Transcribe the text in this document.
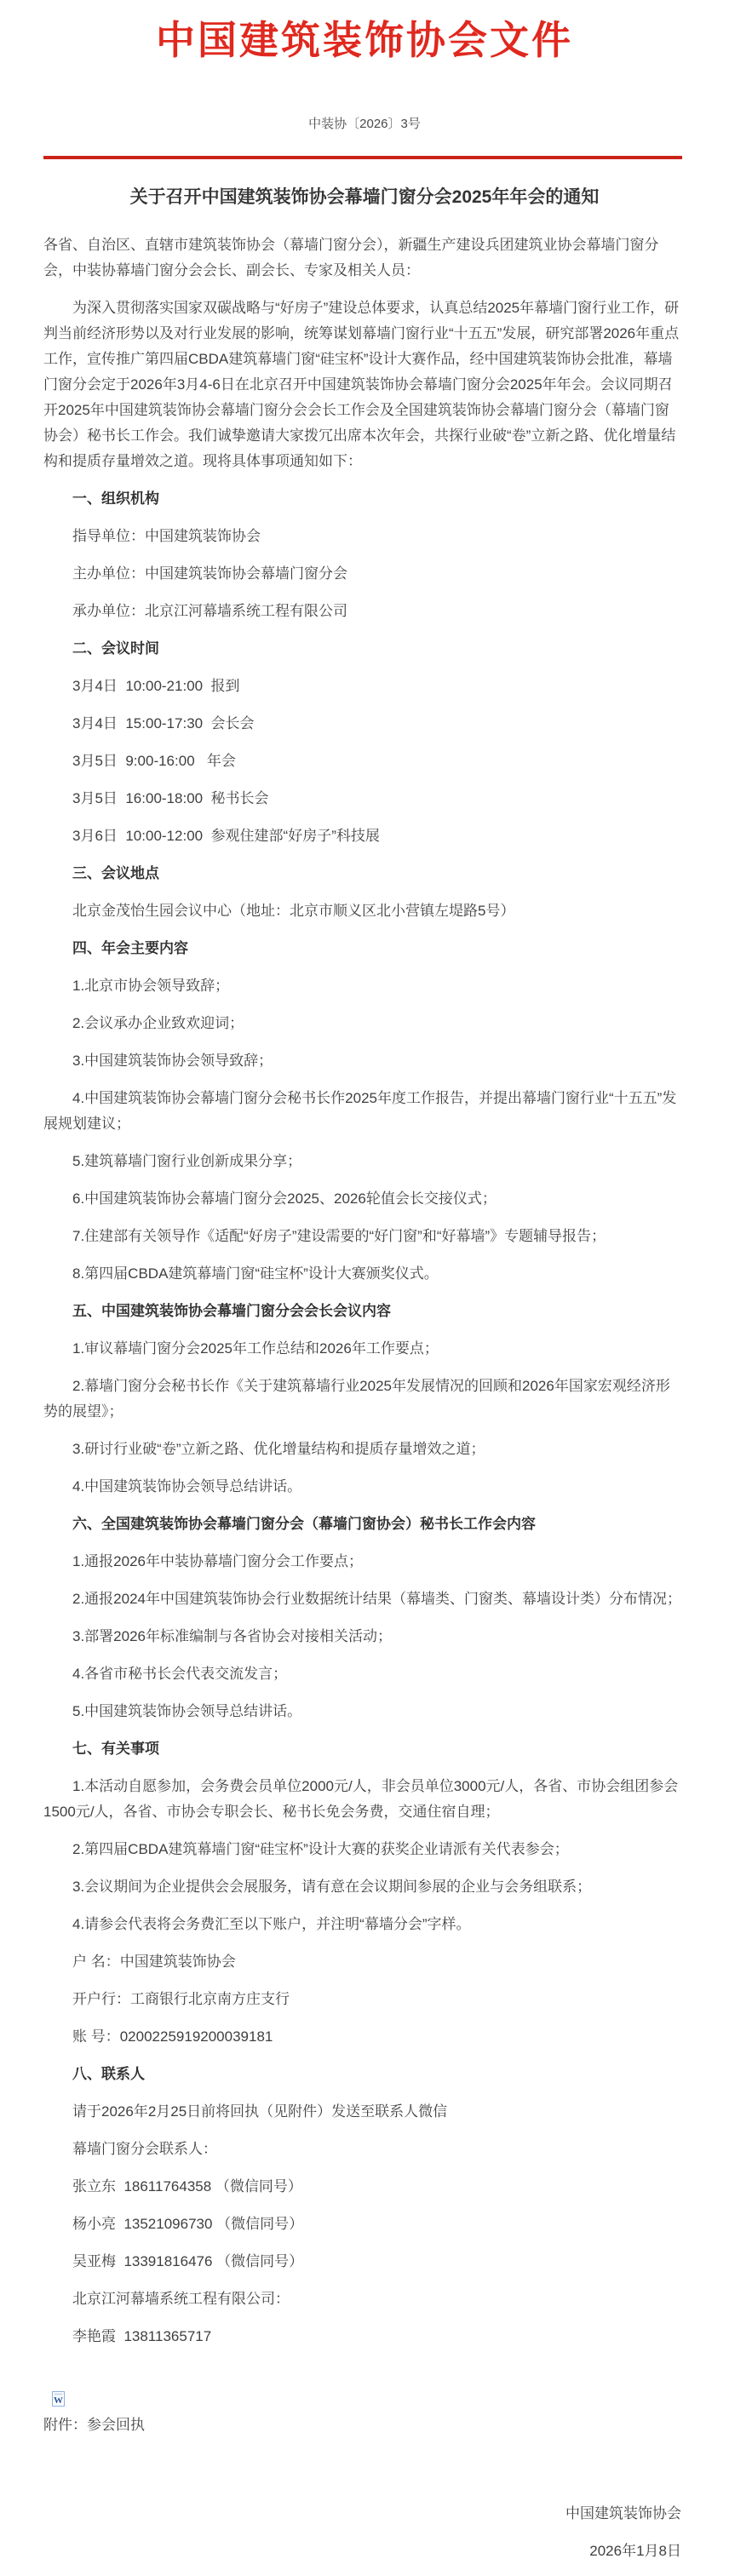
中国建筑装饰协会文件
中装协〔2026〕3号
关于召开中国建筑装饰协会幕墙门窗分会2025年年会的通知

各省、自治区、直辖市建筑装饰协会（幕墙门窗分会），新疆生产建设兵团建筑业协会幕墙门窗分会，中装协幕墙门窗分会会长、副会长、专家及相关人员：

为深入贯彻落实国家双碳战略与“好房子”建设总体要求，认真总结2025年幕墙门窗行业工作，研判当前经济形势以及对行业发展的影响，统筹谋划幕墙门窗行业“十五五”发展，研究部署2026年重点工作，宣传推广第四届CBDA建筑幕墙门窗“硅宝杯”设计大赛作品，经中国建筑装饰协会批准，幕墙门窗分会定于2026年3月4-6日在北京召开中国建筑装饰协会幕墙门窗分会2025年年会。会议同期召开2025年中国建筑装饰协会幕墙门窗分会会长工作会及全国建筑装饰协会幕墙门窗分会（幕墙门窗协会）秘书长工作会。我们诚挚邀请大家拨冗出席本次年会，共探行业破“卷”立新之路、优化增量结构和提质存量增效之道。现将具体事项通知如下：

一、组织机构

指导单位：中国建筑装饰协会

主办单位：中国建筑装饰协会幕墙门窗分会

承办单位：北京江河幕墙系统工程有限公司

二、会议时间

3月4日  10:00-21:00  报到

3月4日  15:00-17:30  会长会

3月5日  9:00-16:00   年会

3月5日  16:00-18:00  秘书长会

3月6日  10:00-12:00  参观住建部“好房子”科技展

三、会议地点

北京金茂怡生园会议中心（地址：北京市顺义区北小营镇左堤路5号）

四、年会主要内容

1.北京市协会领导致辞；

2.会议承办企业致欢迎词；

3.中国建筑装饰协会领导致辞；

4.中国建筑装饰协会幕墙门窗分会秘书长作2025年度工作报告，并提出幕墙门窗行业“十五五”发展规划建议；

5.建筑幕墙门窗行业创新成果分享；

6.中国建筑装饰协会幕墙门窗分会2025、2026轮值会长交接仪式；

7.住建部有关领导作《适配“好房子”建设需要的“好门窗”和“好幕墙”》专题辅导报告；

8.第四届CBDA建筑幕墙门窗“硅宝杯”设计大赛颁奖仪式。

五、中国建筑装饰协会幕墙门窗分会会长会议内容

1.审议幕墙门窗分会2025年工作总结和2026年工作要点；

2.幕墙门窗分会秘书长作《关于建筑幕墙行业2025年发展情况的回顾和2026年国家宏观经济形势的展望》；

3.研讨行业破“卷”立新之路、优化增量结构和提质存量增效之道；

4.中国建筑装饰协会领导总结讲话。

六、全国建筑装饰协会幕墙门窗分会（幕墙门窗协会）秘书长工作会内容

1.通报2026年中装协幕墙门窗分会工作要点；

2.通报2024年中国建筑装饰协会行业数据统计结果（幕墙类、门窗类、幕墙设计类）分布情况；

3.部署2026年标准编制与各省协会对接相关活动；

4.各省市秘书长会代表交流发言；

5.中国建筑装饰协会领导总结讲话。

七、有关事项

1.本活动自愿参加，会务费会员单位2000元/人，非会员单位3000元/人，各省、市协会组团参会1500元/人，各省、市协会专职会长、秘书长免会务费，交通住宿自理；

2.第四届CBDA建筑幕墙门窗“硅宝杯”设计大赛的获奖企业请派有关代表参会；

3.会议期间为企业提供会会展服务，请有意在会议期间参展的企业与会务组联系；

4.请参会代表将会务费汇至以下账户，并注明“幕墙分会”字样。

户 名：中国建筑装饰协会

开户行：工商银行北京南方庄支行

账 号：0200225919200039181

八、联系人

请于2026年2月25日前将回执（见附件）发送至联系人微信

幕墙门窗分会联系人：

张立东  18611764358 （微信同号）

杨小亮  13521096730 （微信同号）

吴亚梅  13391816476 （微信同号）

北京江河幕墙系统工程有限公司：

李艳霞  13811365717

W

附件：参会回执

中国建筑装饰协会

2026年1月8日
